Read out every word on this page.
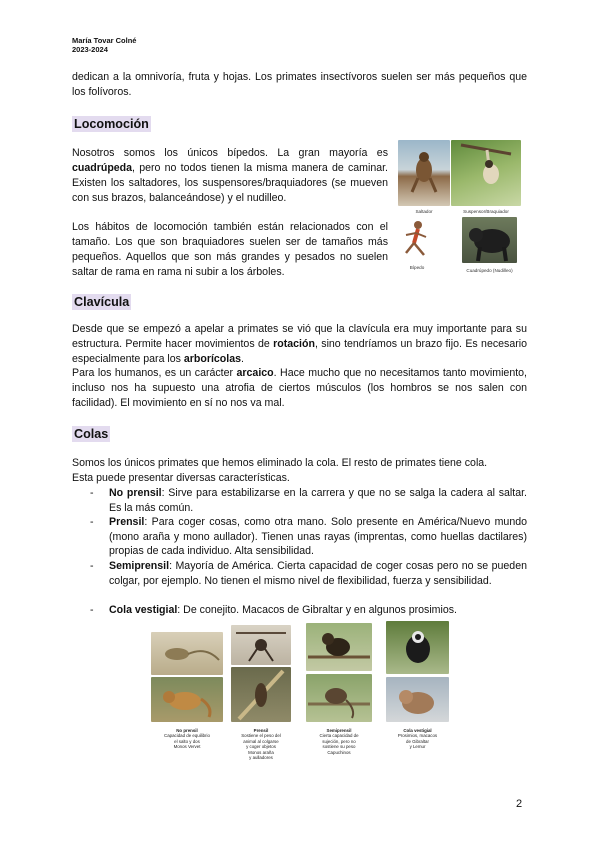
María Tovar Colné
2023-2024
dedican a la omnivoría, fruta y hojas. Los primates insectívoros suelen ser más pequeños que los folívoros.
Locomoción
Nosotros somos los únicos bípedos. La gran mayoría es cuadrúpeda, pero no todos tienen la misma manera de caminar. Existen los saltadores, los suspensores/braquiadores (se mueven con sus brazos, balanceándose) y el nudilleo.
Los hábitos de locomoción también están relacionados con el tamaño. Los que son braquiadores suelen ser de tamaños más pequeños. Aquellos que son más grandes y pesados no suelen saltar de rama en rama ni subir a los árboles.
Saltador	Suspensor/Braquiador
Bípedo
Cuadrúpedo (Nudilleo)
Clavícula
Desde que se empezó a apelar a primates se vió que la clavícula era muy importante para su estructura. Permite hacer movimientos de rotación, sino tendríamos un brazo fijo. Es necesario especialmente para los arborícolas.
Para los humanos, es un carácter arcaico. Hace mucho que no necesitamos tanto movimiento, incluso nos ha supuesto una atrofia de ciertos músculos (los hombros se nos salen con facilidad). El movimiento en sí no nos va mal.
Colas
Somos los únicos primates que hemos eliminado la cola. El resto de primates tiene cola.
Esta puede presentar diversas características.
- No prensil: Sirve para estabilizarse en la carrera y que no se salga la cadera al saltar. Es la más común.
- Prensil: Para coger cosas, como otra mano. Solo presente en América/Nuevo mundo (mono araña y mono aullador). Tienen unas rayas (imprentas, como huellas dactilares) propias de cada individuo. Alta sensibilidad.
- Semiprensil: Mayoría de América. Cierta capacidad de coger cosas pero no se pueden colgar, por ejemplo. No tienen el mismo nivel de flexibilidad, fuerza y sensibilidad.
- Cola vestigial: De conejito. Macacos de Gibraltar y en algunos prosimios.
No prensil
Capacidad de equilibrio
el salto y dos
Monos Vervet
Prensil
Sostiene el peso del
animal al colgarse
y coger objetos
Monos araña
y aulladores
Semiprensil
Cierta capacidad de
sujeción, pero no
sostiene su peso
Capuchinos
Cola vestigial
Prosimios, macacos
de Gibraltar
y Lemur
2
